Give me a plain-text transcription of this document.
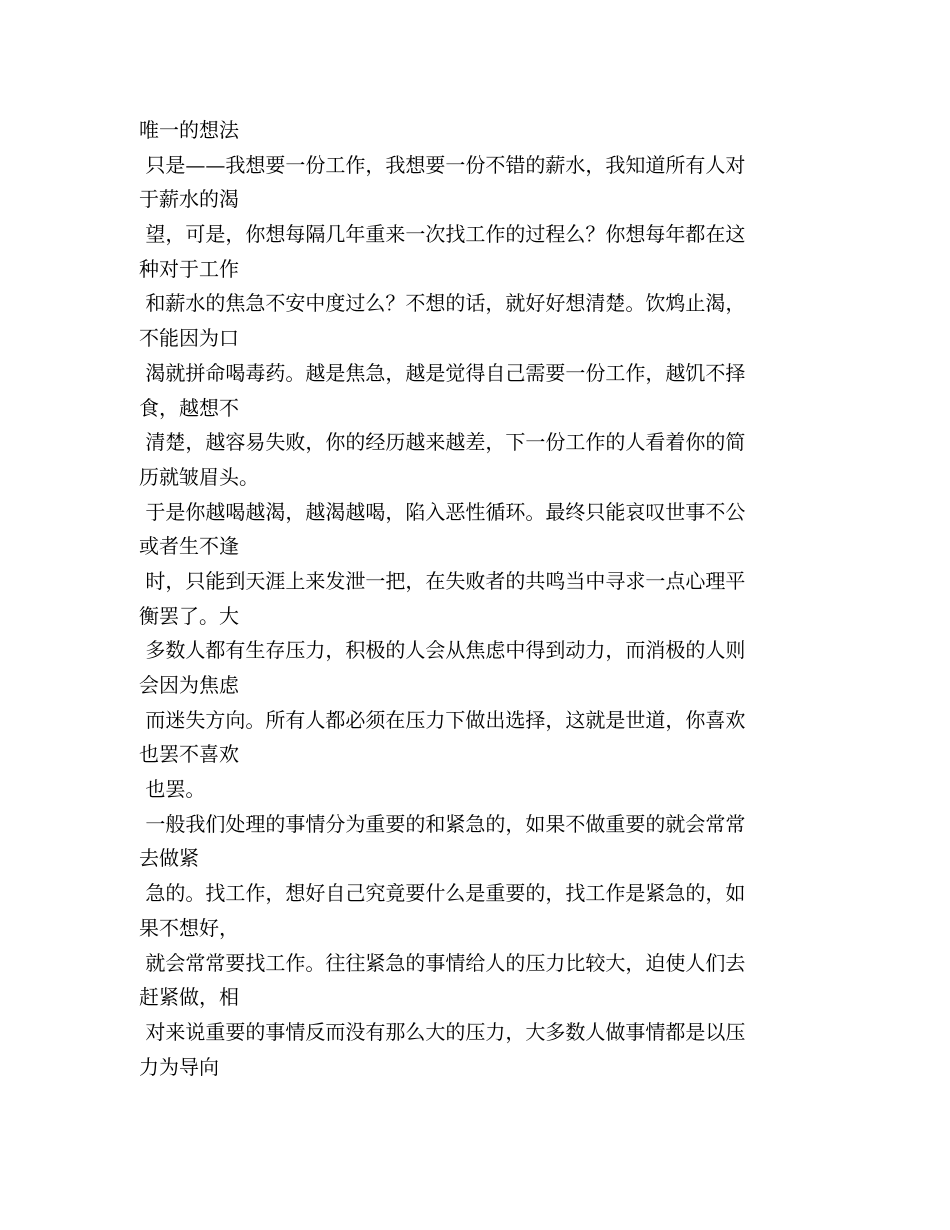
唯一的想法
只是——我想要一份工作，我想要一份不错的薪水，我知道所有人对
于薪水的渴
望，可是，你想每隔几年重来一次找工作的过程么？你想每年都在这
种对于工作
和薪水的焦急不安中度过么？不想的话，就好好想清楚。饮鸩止渴，
不能因为口
渴就拼命喝毒药。越是焦急，越是觉得自己需要一份工作，越饥不择
食，越想不
清楚，越容易失败，你的经历越来越差，下一份工作的人看着你的简
历就皱眉头。
于是你越喝越渴，越渴越喝，陷入恶性循环。最终只能哀叹世事不公
或者生不逢
时，只能到天涯上来发泄一把，在失败者的共鸣当中寻求一点心理平
衡罢了。大
多数人都有生存压力，积极的人会从焦虑中得到动力，而消极的人则
会因为焦虑
而迷失方向。所有人都必须在压力下做出选择，这就是世道，你喜欢
也罢不喜欢
也罢。
一般我们处理的事情分为重要的和紧急的，如果不做重要的就会常常
去做紧
急的。找工作，想好自己究竟要什么是重要的，找工作是紧急的，如
果不想好，
就会常常要找工作。往往紧急的事情给人的压力比较大，迫使人们去
赶紧做，相
对来说重要的事情反而没有那么大的压力，大多数人做事情都是以压
力为导向
